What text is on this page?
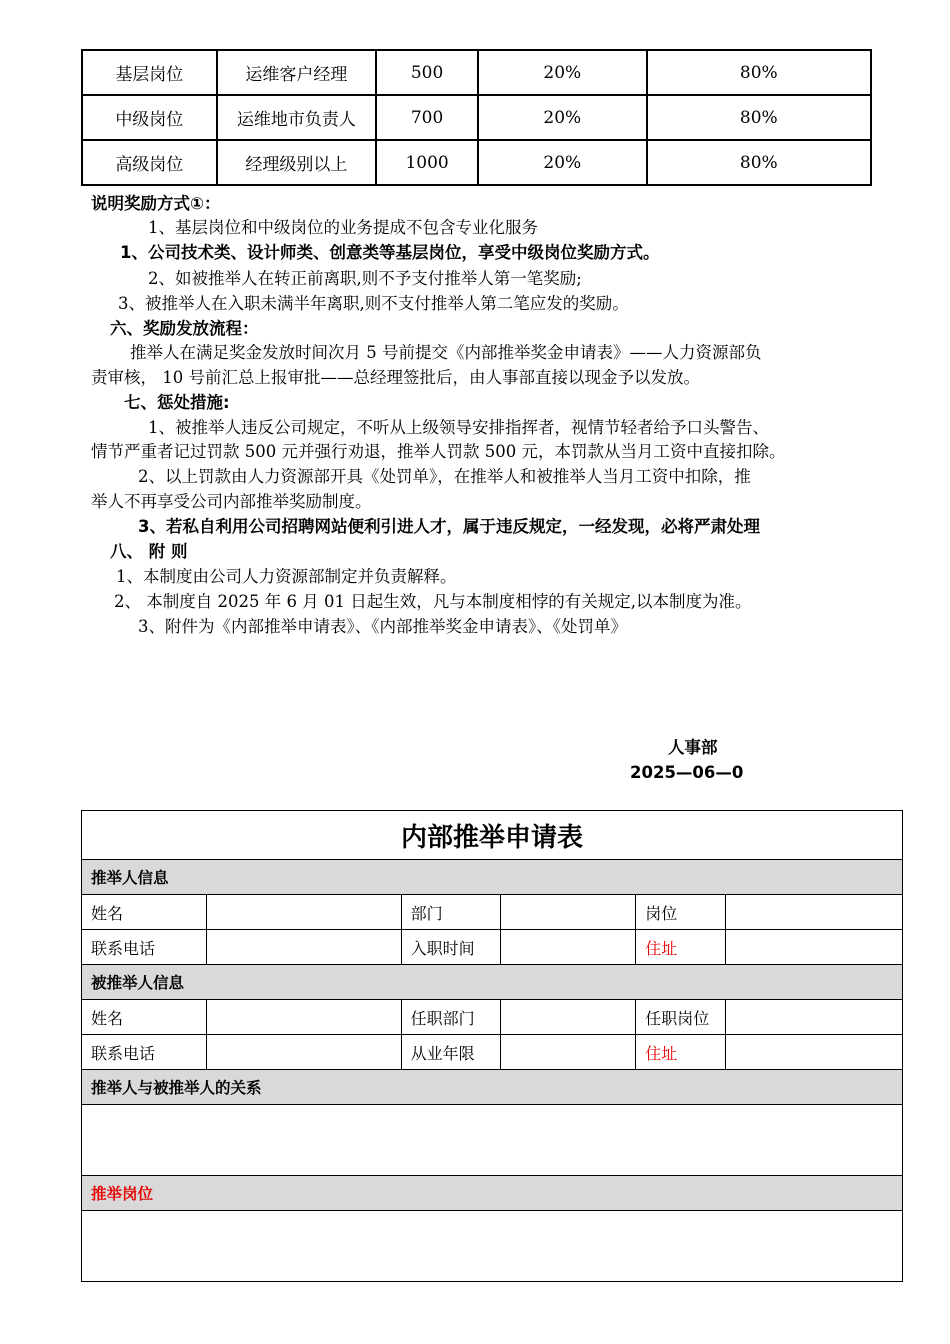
基层岗位	运维客户经理	500	20%	80%
中级岗位	运维地市负责人	700	20%	80%
高级岗位	经理级别以上	1000	20%	80%
说明奖励方式①：
1、基层岗位和中级岗位的业务提成不包含专业化服务
1、公司技术类、设计师类、创意类等基层岗位，享受中级岗位奖励方式。
2、如被推举人在转正前离职,则不予支付推举人第一笔奖励;
3、被推举人在入职未满半年离职,则不支付推举人第二笔应发的奖励。
六、奖励发放流程：
推举人在满足奖金发放时间次月 5 号前提交《内部推举奖金申请表》——人力资源部负
责审核， 10 号前汇总上报审批——总经理签批后，由人事部直接以现金予以发放。
七、惩处措施:
1、被推举人违反公司规定，不听从上级领导安排指挥者，视情节轻者给予口头警告、
情节严重者记过罚款 500 元并强行劝退，推举人罚款 500 元，本罚款从当月工资中直接扣除。
2、以上罚款由人力资源部开具《处罚单》，在推举人和被推举人当月工资中扣除，推
举人不再享受公司内部推举奖励制度。
3、若私自利用公司招聘网站便利引进人才，属于违反规定，一经发现，必将严肃处理
八、 附 则
1、本制度由公司人力资源部制定并负责解释。
2、 本制度自 2025 年 6 月 01 日起生效，凡与本制度相悖的有关规定,以本制度为准。
3、附件为《内部推举申请表》、《内部推举奖金申请表》、《处罚单》
人事部
2025—06—0
内部推举申请表					
推举人信息					
姓名		部门		岗位	
联系电话		入职时间		住址	
被推举人信息					
姓名		任职部门		任职岗位	
联系电话		从业年限		住址	
推举人与被推举人的关系					

推举岗位					
